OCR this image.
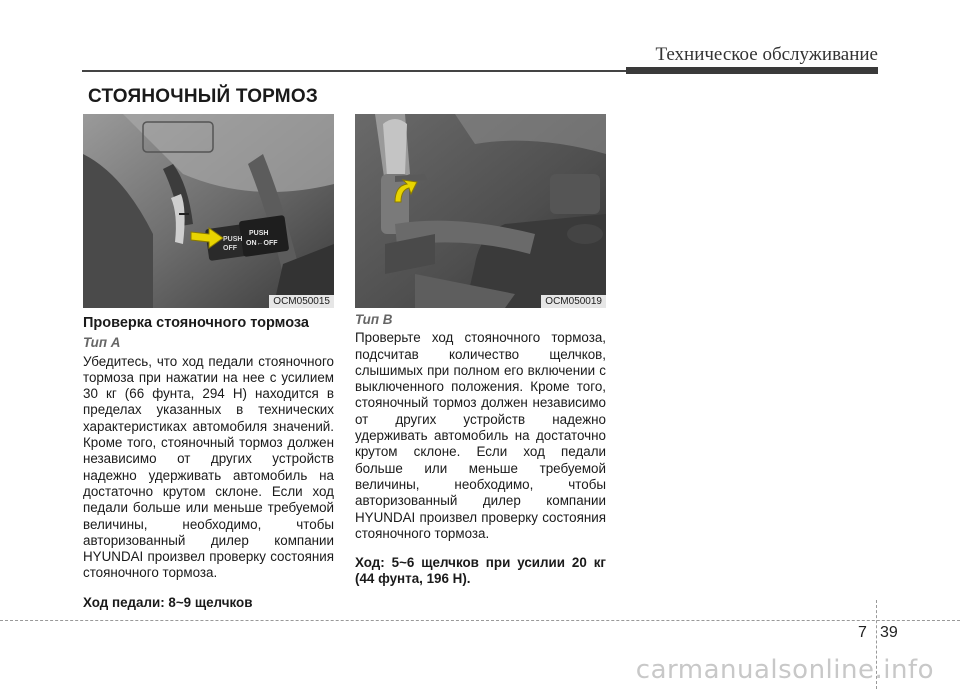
Техническое обслуживание
СТОЯНОЧНЫЙ ТОРМОЗ
PUSH
OFF
PUSH
ON←OFF
OCM050015	OCM050019
Проверка стояночного тормоза
Тип А

Убедитесь, что ход педали стояночного тормоза при нажатии на нее с усилием 30 кг (66 фунта, 294 Н) находится в пределах указанных в технических характеристиках автомобиля значений. Кроме того, стояночный тормоз должен независимо от других устройств надежно удерживать автомобиль на достаточно крутом склоне. Если ход педали больше или меньше требуемой величины, необходимо, чтобы авторизованный дилер компании HYUNDAI произвел проверку состояния стояночного тормоза.

Ход педали: 8~9 щелчков
Тип В

Проверьте ход стояночного тормоза, подсчитав количество щелчков, слышимых при полном его включении с выключенного положения. Кроме того, стояночный тормоз должен независимо от других устройств надежно удерживать автомобиль на достаточно крутом склоне. Если ход педали больше или меньше требуемой величины, необходимо, чтобы авторизованный дилер компании HYUNDAI произвел проверку состояния стояночного тормоза.

Ход: 5~6 щелчков при усилии 20 кг (44 фунта, 196 Н).
7 39
carmanualsonline.info
